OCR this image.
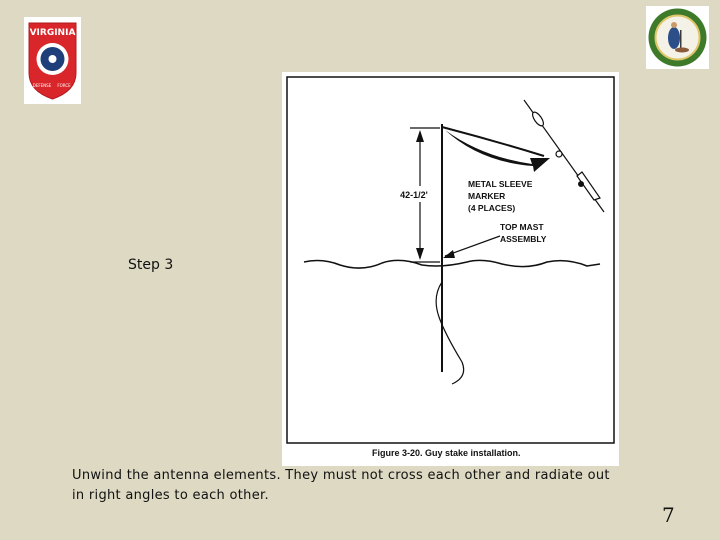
VIRGINIA
DEFENSE FORCE
42-1/2'
METAL SLEEVE
MARKER
(4 PLACES)
TOP MAST
ASSEMBLY
Figure 3-20. Guy stake installation.
Step 3
Unwind the antenna elements. They must not cross each other and radiate out in right angles to each other.
7
